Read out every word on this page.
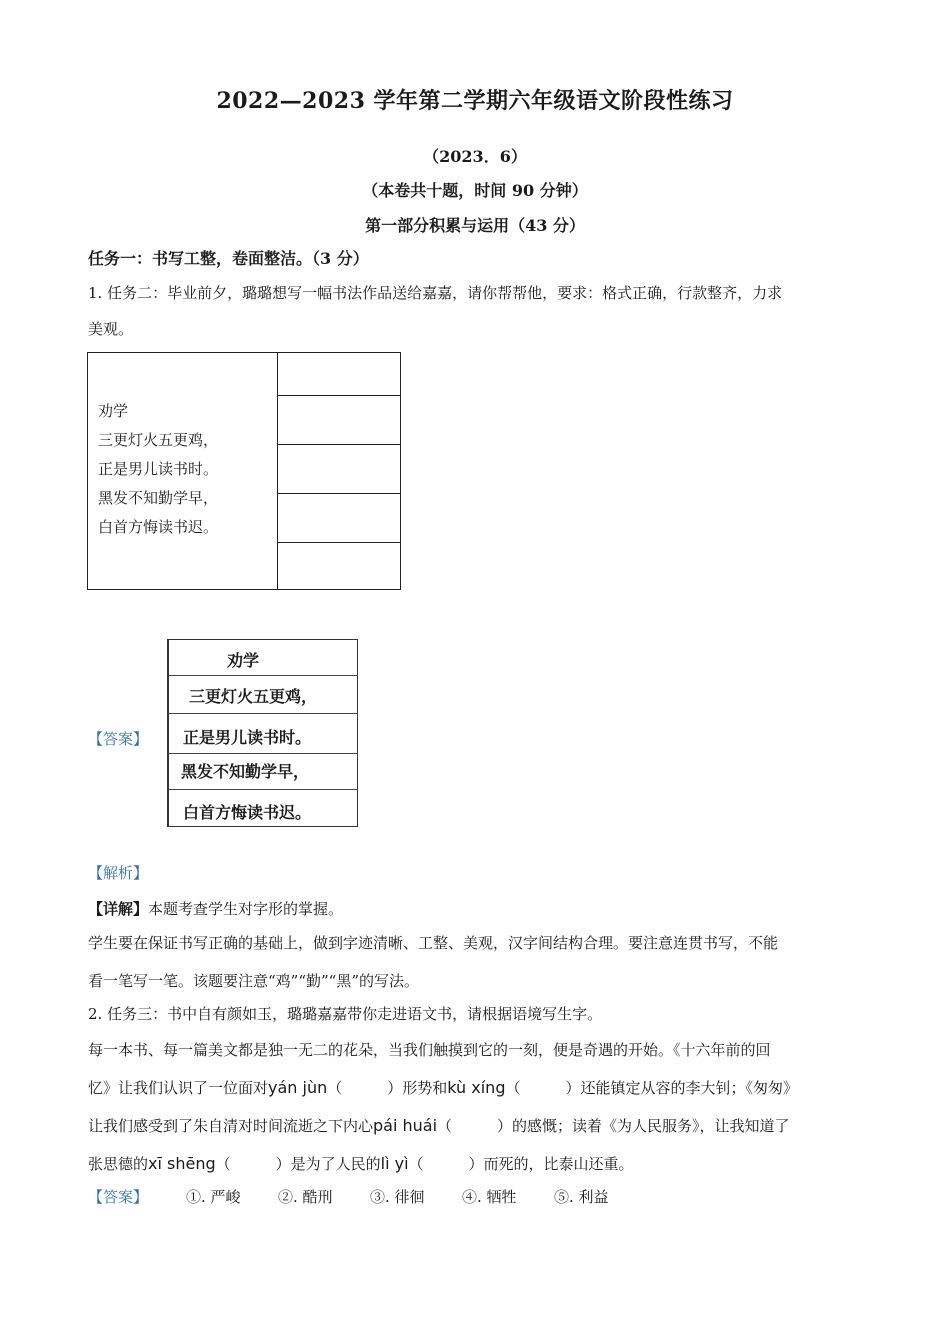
2022—2023 学年第二学期六年级语文阶段性练习
（2023．6）
（本卷共十题，时间 90 分钟）
第一部分积累与运用（43 分）
任务一：书写工整，卷面整洁。（3 分）
1. 任务二：毕业前夕，璐璐想写一幅书法作品送给嘉嘉，请你帮帮他，要求：格式正确，行款整齐，力求
美观。
劝学
三更灯火五更鸡，
正是男儿读书时。
黑发不知勤学早，
白首方悔读书迟。
【答案】
劝学
三更灯火五更鸡，
正是男儿读书时。
黑发不知勤学早，
白首方悔读书迟。
【解析】
【详解】本题考查学生对字形的掌握。
学生要在保证书写正确的基础上，做到字迹清晰、工整、美观，汉字间结构合理。要注意连贯书写，不能
看一笔写一笔。该题要注意“鸡”“勤”“黑”的写法。
2. 任务三：书中自有颜如玉，璐璐嘉嘉带你走进语文书，请根据语境写生字。
每一本书、每一篇美文都是独一无二的花朵，当我们触摸到它的一刻，便是奇遇的开始。《十六年前的回
忆》让我们认识了一位面对yán jùn（　　　）形势和kù xíng（　　　）还能镇定从容的李大钊；《匆匆》
让我们感受到了朱自清对时间流逝之下内心pái huái（　　　）的感慨；读着《为人民服务》，让我知道了
张思德的xī shēng（　　　）是为了人民的lì yì（　　　）而死的，比泰山还重。
【答案】	①. 严峻 ②. 酷刑 ③. 徘徊 ④. 牺牲 ⑤. 利益
